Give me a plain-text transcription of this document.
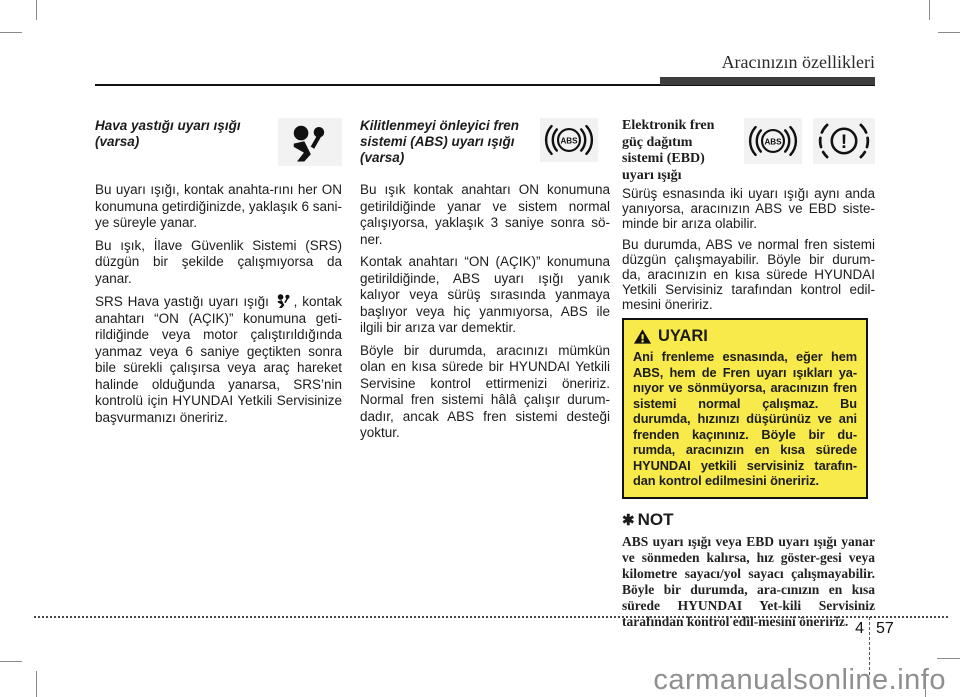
Aracınızın özellikleri
Hava yastığı uyarı ışığı (varsa)

Bu uyarı ışığı, kontak anahta-rını her ON konumuna getirdiğinizde, yaklaşık 6 sani-ye süreyle yanar.

Bu ışık, İlave Güvenlik Sistemi (SRS) düzgün bir şekilde çalışmıyorsa da yanar.

SRS Hava yastığı uyarı ışığı , kontak anahtarı “ON (AÇIK)” konumuna geti-rildiğinde veya motor çalıştırıldığında yanmaz veya 6 saniye geçtikten sonra bile sürekli çalışırsa veya araç hareket halinde olduğunda yanarsa, SRS’nin kontrolü için HYUNDAI Yetkili Servisinize başvurmanızı öneririz.

Kilitlenmeyi önleyici fren sistemi (ABS) uyarı ışığı (varsa)
ABS

Bu ışık kontak anahtarı ON konumuna getirildiğinde yanar ve sistem normal çalışıyorsa, yaklaşık 3 saniye sonra sö-ner.

Kontak anahtarı “ON (AÇIK)” konumuna getirildiğinde, ABS uyarı ışığı yanık kalıyor veya sürüş sırasında yanmaya başlıyor veya hiç yanmıyorsa, ABS ile ilgili bir arıza var demektir.

Böyle bir durumda, aracınızı mümkün olan en kısa sürede bir HYUNDAI Yetkili Servisine kontrol ettirmenizi öneririz. Normal fren sistemi hâlâ çalışır durum-dadır, ancak ABS fren sistemi desteği yoktur.

Elektronik fren güç dağıtım sistemi (EBD) uyarı ışığı
ABS	!

Sürüş esnasında iki uyarı ışığı aynı anda yanıyorsa, aracınızın ABS ve EBD siste-minde bir arıza olabilir.

Bu durumda, ABS ve normal fren sistemi düzgün çalışmayabilir. Böyle bir durum-da, aracınızın en kısa sürede HYUNDAI Yetkili Servisiniz tarafından kontrol edil-mesini öneririz.

UYARI
Ani frenleme esnasında, eğer hem ABS, hem de Fren uyarı ışıkları ya-nıyor ve sönmüyorsa, aracınızın fren sistemi normal çalışmaz. Bu durumda, hızınızı düşürünüz ve ani frenden kaçınınız. Böyle bir du-rumda, aracınızın en kısa sürede HYUNDAI yetkili servisiniz tarafın-dan kontrol edilmesini öneririz.
✱ NOT
ABS uyarı ışığı veya EBD uyarı ışığı yanar ve sönmeden kalırsa, hız göster-gesi veya kilometre sayacı/yol sayacı çalışmayabilir. Böyle bir durumda, ara-cınızın en kısa sürede HYUNDAI Yet-kili Servisiniz tarafından kontrol edil-mesini öneririz. 4 57
carmanualsonline.info
